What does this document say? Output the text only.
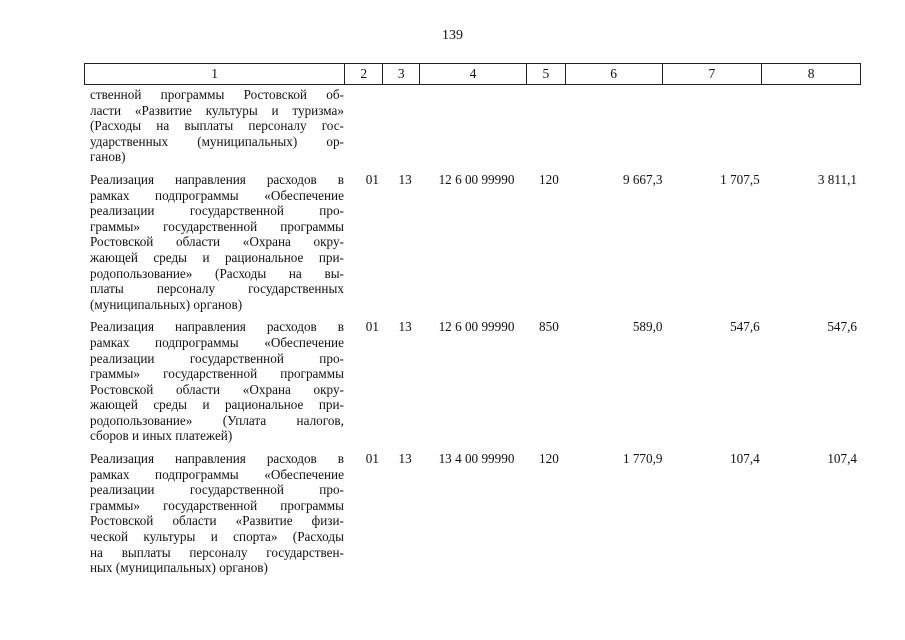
139
1	2	3	4	5	6	7	8
ственной программы Ростовской об-
ласти «Развитие культуры и туризма»
(Расходы на выплаты персоналу гос-
ударственных (муниципальных) ор-
ганов)
Реализация направления расходов в
рамках подпрограммы «Обеспечение
реализации государственной про-
граммы» государственной программы
Ростовской области «Охрана окру-
жающей среды и рациональное при-
родопользование» (Расходы на вы-
платы персоналу государственных
(муниципальных) органов)
01	13	12 6 00 99990	120	9 667,3	1 707,5	3 811,1
Реализация направления расходов в
рамках подпрограммы «Обеспечение
реализации государственной про-
граммы» государственной программы
Ростовской области «Охрана окру-
жающей среды и рациональное при-
родопользование» (Уплата налогов,
сборов и иных платежей)
01	13	12 6 00 99990	850	589,0	547,6	547,6
Реализация направления расходов в
рамках подпрограммы «Обеспечение
реализации государственной про-
граммы» государственной программы
Ростовской области «Развитие физи-
ческой культуры и спорта» (Расходы
на выплаты персоналу государствен-
ных (муниципальных) органов)
01	13	13 4 00 99990	120	1 770,9	107,4	107,4
